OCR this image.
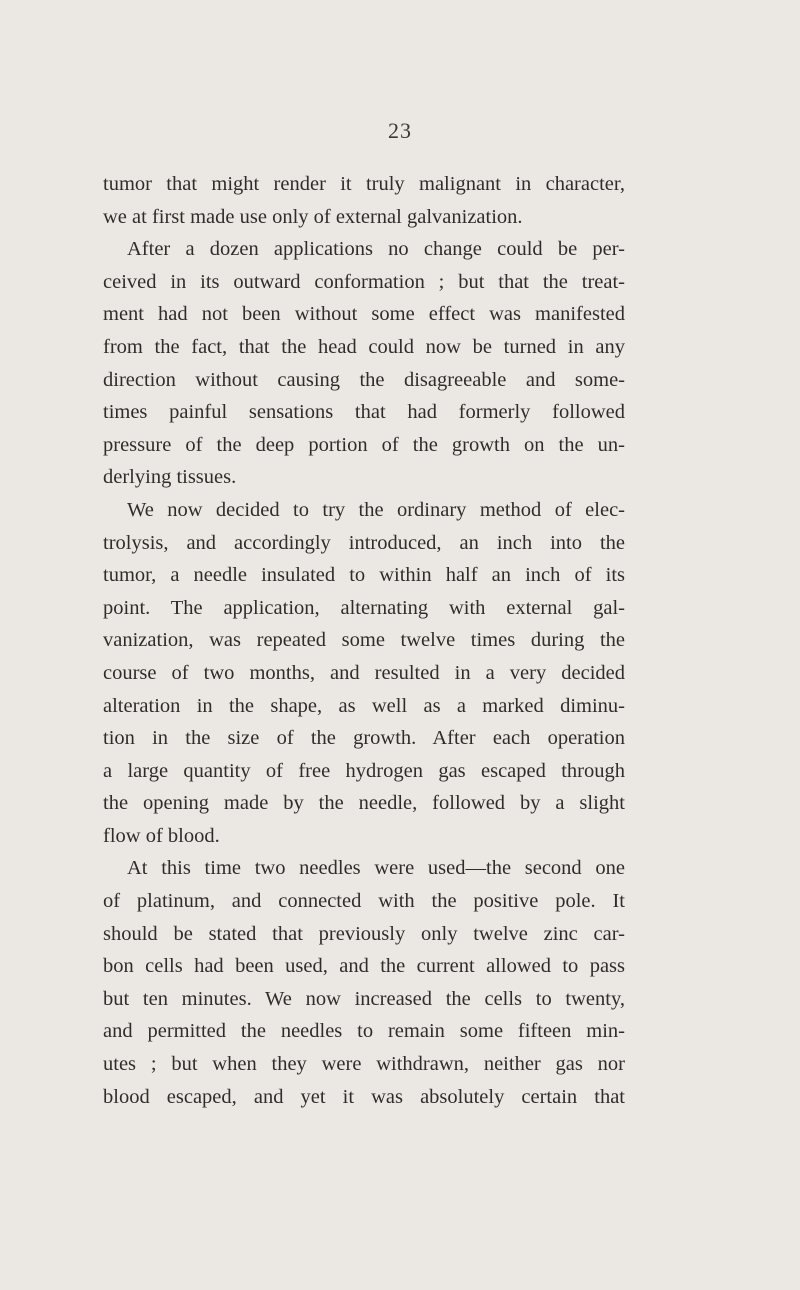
23
tumor that might render it truly malignant in character,
we at first made use only of external galvanization.
After a dozen applications no change could be per-
ceived in its outward conformation ; but that the treat-
ment had not been without some effect was manifested
from the fact, that the head could now be turned in any
direction without causing the disagreeable and some-
times painful sensations that had formerly followed
pressure of the deep portion of the growth on the un-
derlying tissues.
We now decided to try the ordinary method of elec-
trolysis, and accordingly introduced, an inch into the
tumor, a needle insulated to within half an inch of its
point. The application, alternating with external gal-
vanization, was repeated some twelve times during the
course of two months, and resulted in a very decided
alteration in the shape, as well as a marked diminu-
tion in the size of the growth. After each operation
a large quantity of free hydrogen gas escaped through
the opening made by the needle, followed by a slight
flow of blood.
At this time two needles were used—the second one
of platinum, and connected with the positive pole. It
should be stated that previously only twelve zinc car-
bon cells had been used, and the current allowed to pass
but ten minutes. We now increased the cells to twenty,
and permitted the needles to remain some fifteen min-
utes ; but when they were withdrawn, neither gas nor
blood escaped, and yet it was absolutely certain that
